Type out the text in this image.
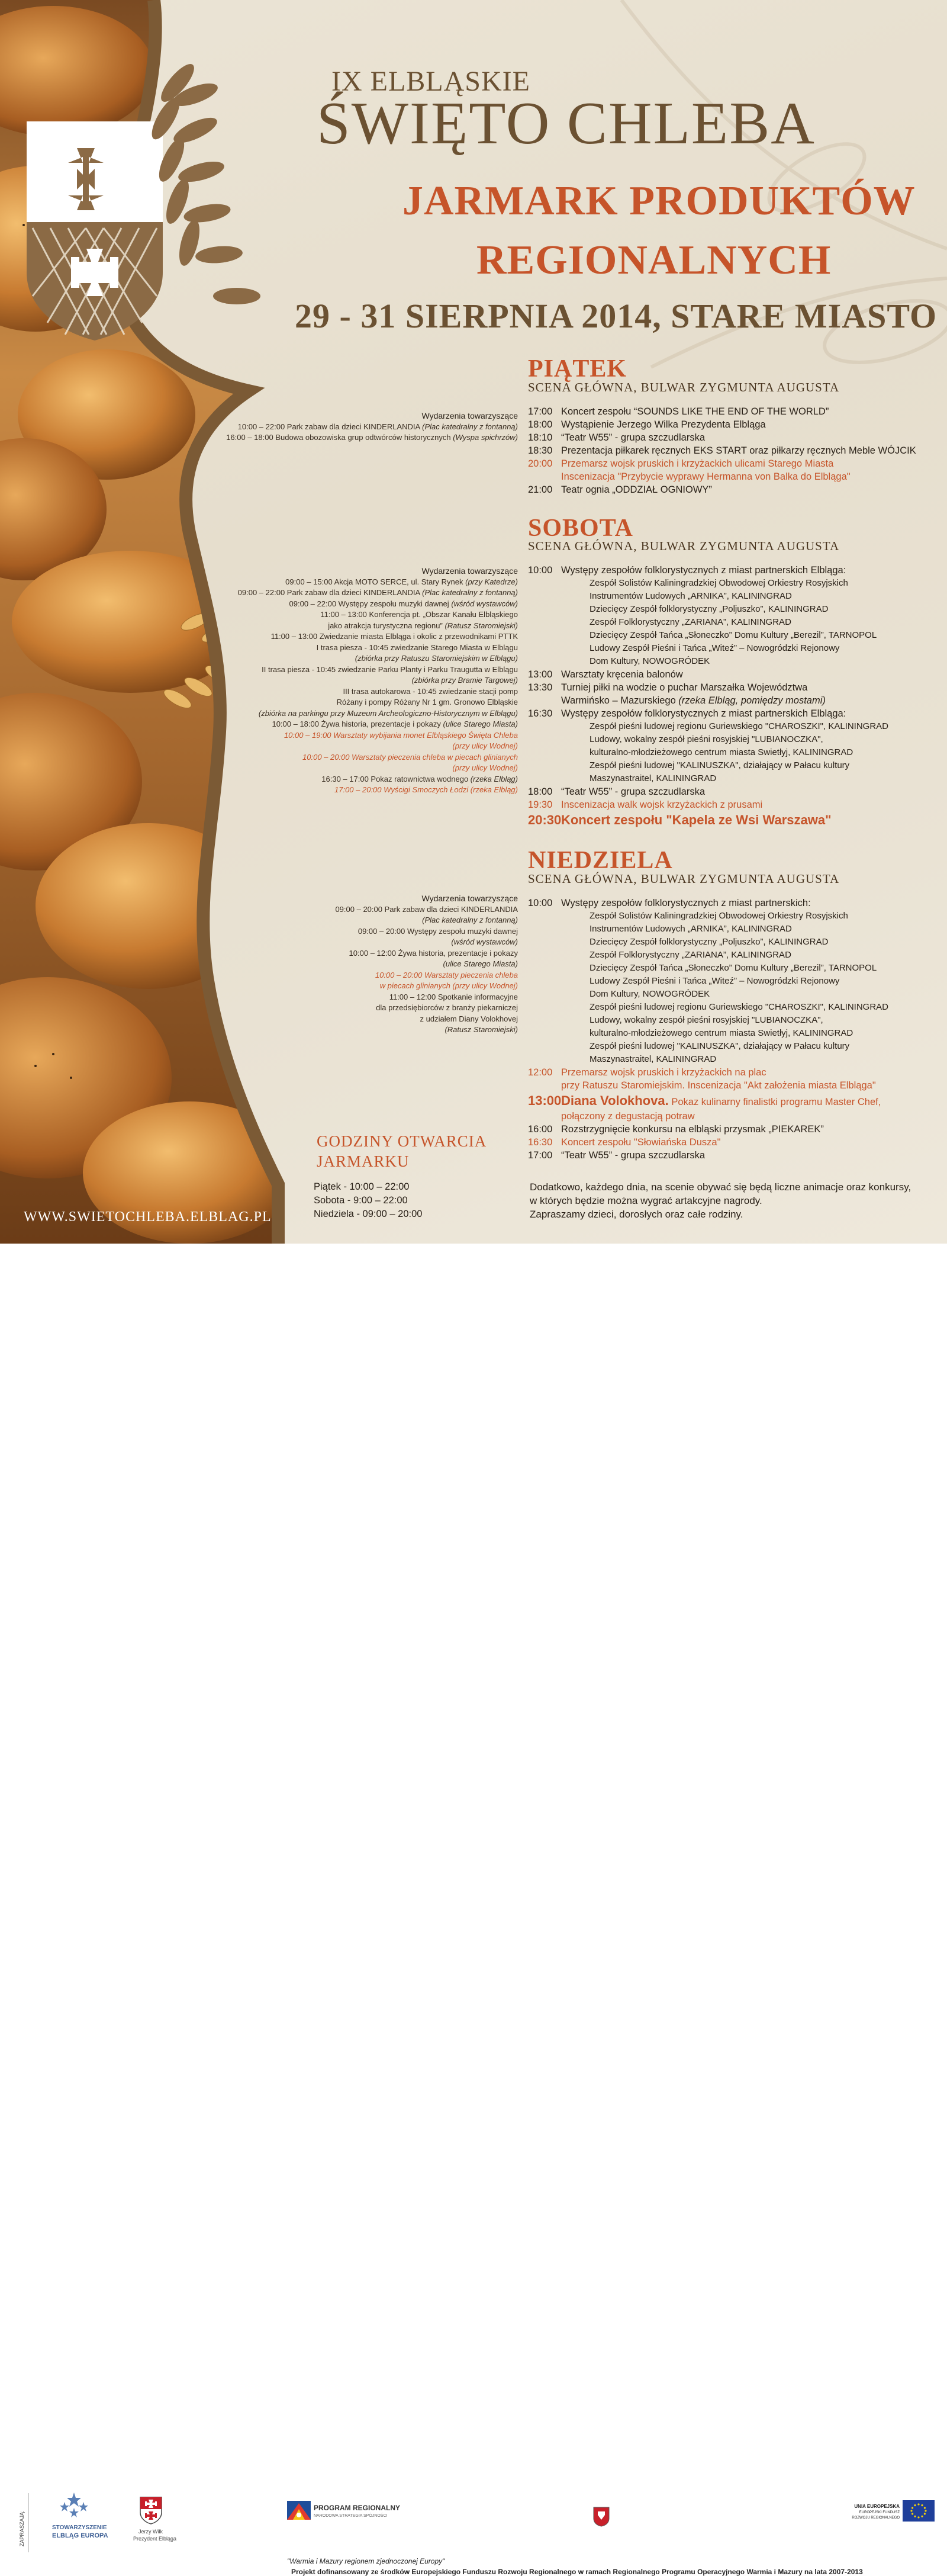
IX ELBLĄSKIE
ŚWIĘTO CHLEBA
JARMARK PRODUKTÓW
REGIONALNYCH
29 - 31 SIERPNIA 2014, STARE MIASTO
PIĄTEK
SCENA GŁÓWNA, BULWAR ZYGMUNTA AUGUSTA
17:00 Koncert zespołu “SOUNDS LIKE THE END OF THE WORLD”
18:00 Wystąpienie Jerzego Wilka Prezydenta Elbląga
18:10 “Teatr W55” - grupa szczudlarska
18:30 Prezentacja piłkarek ręcznych EKS START oraz piłkarzy ręcznych Meble WÓJCIK
20:00 Przemarsz wojsk pruskich i krzyżackich ulicami Starego Miasta
Inscenizacja "Przybycie wyprawy Hermanna von Balka do Elbląga"
21:00 Teatr ognia „ODDZIAŁ OGNIOWY”
Wydarzenia towarzyszące
10:00 – 22:00 Park zabaw dla dzieci KINDERLANDIA (Plac katedralny z fontanną)
16:00 – 18:00 Budowa obozowiska grup odtwórców historycznych (Wyspa spichrzów)
SOBOTA
SCENA GŁÓWNA, BULWAR ZYGMUNTA AUGUSTA
10:00 Występy zespołów folklorystycznych z miast partnerskich Elbląga:
Zespół Solistów Kaliningradzkiej Obwodowej Orkiestry Rosyjskich
Instrumentów Ludowych „ARNIKA”, KALININGRAD
Dziecięcy Zespół folklorystyczny „Poljuszko”, KALININGRAD
Zespół Folklorystyczny „ZARIANA”, KALININGRAD
Dziecięcy Zespół Tańca „Słoneczko” Domu Kultury „Berezil”, TARNOPOL
Ludowy Zespół Pieśni i Tańca „Witeź” – Nowogródzki Rejonowy
Dom Kultury, NOWOGRÓDEK
13:00 Warsztaty kręcenia balonów
13:30 Turniej piłki na wodzie o puchar Marszałka Województwa
Warmińsko – Mazurskiego (rzeka Elbląg, pomiędzy mostami)
16:30 Występy zespołów folklorystycznych z miast partnerskich Elbląga:
Zespół pieśni ludowej regionu Guriewskiego "CHAROSZKI", KALININGRAD
Ludowy, wokalny zespół pieśni rosyjskiej "LUBIANOCZKA",
kulturalno-młodzieżowego centrum miasta Swietłyj, KALININGRAD
Zespół pieśni ludowej "KALINUSZKA", działający w Pałacu kultury
Maszynastraitel, KALININGRAD
18:00 “Teatr W55” - grupa szczudlarska
19:30 Inscenizacja walk wojsk krzyżackich z prusami
20:30 Koncert zespołu "Kapela ze Wsi Warszawa"
Wydarzenia towarzyszące
09:00 – 15:00 Akcja MOTO SERCE, ul. Stary Rynek (przy Katedrze)
09:00 – 22:00 Park zabaw dla dzieci KINDERLANDIA (Plac katedralny z fontanną)
09:00 – 22:00 Występy zespołu muzyki dawnej (wśród wystawców)
11:00 – 13:00 Konferencja pt. „Obszar Kanału Elbląskiego
jako atrakcja turystyczna regionu” (Ratusz Staromiejski)
11:00 – 13:00 Zwiedzanie miasta Elbląga i okolic z przewodnikami PTTK
I trasa piesza - 10:45 zwiedzanie Starego Miasta w Elblągu
(zbiórka przy Ratuszu Staromiejskim w Elblągu)
II trasa piesza - 10:45 zwiedzanie Parku Planty i Parku Traugutta w Elblągu
(zbiórka przy Bramie Targowej)
III trasa autokarowa - 10:45 zwiedzanie stacji pomp
Różany i pompy Różany Nr 1 gm. Gronowo Elbląskie
(zbiórka na parkingu przy Muzeum Archeologiczno-Historycznym w Elblągu)
10:00 – 18:00 Żywa historia, prezentacje i pokazy (ulice Starego Miasta)
10:00 – 19:00 Warsztaty wybijania monet Elbląskiego Święta Chleba
(przy ulicy Wodnej)
10:00 – 20:00 Warsztaty pieczenia chleba w piecach glinianych
(przy ulicy Wodnej)
16:30 – 17:00 Pokaz ratownictwa wodnego (rzeka Elbląg)
17:00 – 20:00 Wyścigi Smoczych Łodzi (rzeka Elbląg)
NIEDZIELA
SCENA GŁÓWNA, BULWAR ZYGMUNTA AUGUSTA
10:00 Występy zespołów folklorystycznych z miast partnerskich:
Zespół Solistów Kaliningradzkiej Obwodowej Orkiestry Rosyjskich
Instrumentów Ludowych „ARNIKA”, KALININGRAD
Dziecięcy Zespół folklorystyczny „Poljuszko”, KALININGRAD
Zespół Folklorystyczny „ZARIANA”, KALININGRAD
Dziecięcy Zespół Tańca „Słoneczko” Domu Kultury „Berezil”, TARNOPOL
Ludowy Zespół Pieśni i Tańca „Witeź” – Nowogródzki Rejonowy
Dom Kultury, NOWOGRÓDEK
Zespół pieśni ludowej regionu Guriewskiego "CHAROSZKI", KALININGRAD
Ludowy, wokalny zespół pieśni rosyjskiej "LUBIANOCZKA",
kulturalno-młodzieżowego centrum miasta Swietłyj, KALININGRAD
Zespół pieśni ludowej "KALINUSZKA", działający w Pałacu kultury
Maszynastraitel, KALININGRAD
12:00 Przemarsz wojsk pruskich i krzyżackich na plac
przy Ratuszu Staromiejskim. Inscenizacja "Akt założenia miasta Elbląga"
13:00 Diana Volokhova. Pokaz kulinarny finalistki programu Master Chef,
połączony z degustacją potraw
16:00 Rozstrzygnięcie konkursu na elbląski przysmak „PIEKAREK”
16:30 Koncert zespołu "Słowiańska Dusza"
17:00 “Teatr W55” - grupa szczudlarska
Wydarzenia towarzyszące
09:00 – 20:00 Park zabaw dla dzieci KINDERLANDIA
(Plac katedralny z fontanną)
09:00 – 20:00 Występy zespołu muzyki dawnej
(wśród wystawców)
10:00 – 12:00 Żywa historia, prezentacje i pokazy
(ulice Starego Miasta)
10:00 – 20:00 Warsztaty pieczenia chleba
w piecach glinianych (przy ulicy Wodnej)
11:00 – 12:00 Spotkanie informacyjne
dla przedsiębiorców z branży piekarniczej
z udziałem Diany Volokhovej
(Ratusz Staromiejski)
GODZINY OTWARCIA
JARMARKU
Piątek - 10:00 – 22:00
Sobota - 9:00 – 22:00
Niedziela - 09:00 – 20:00
Dodatkowo, każdego dnia, na scenie obywać się będą liczne animacje oraz konkursy,
w których będzie można wygrać artakcyjne nagrody.
Zapraszamy dzieci, dorosłych oraz całe rodziny.
WWW.SWIETOCHLEBA.ELBLAG.PL
ZAPRASZAJĄ:	STOWARZYSZENIE
ELBLĄG EUROPA
Jerzy Wilk
Prezydent Elbląga
PROGRAM REGIONALNY
NARODOWA STRATEGIA SPÓJNOŚCI
UNIA EUROPEJSKA
EUROPEJSKI FUNDUSZ
ROZWOJU REGIONALNEGO
"Warmia i Mazury regionem zjednoczonej Europy"
Projekt dofinansowany ze środków Europejskiego Funduszu Rozwoju Regionalnego w ramach Regionalnego Programu Operacyjnego Warmia i Mazury na lata 2007-2013
